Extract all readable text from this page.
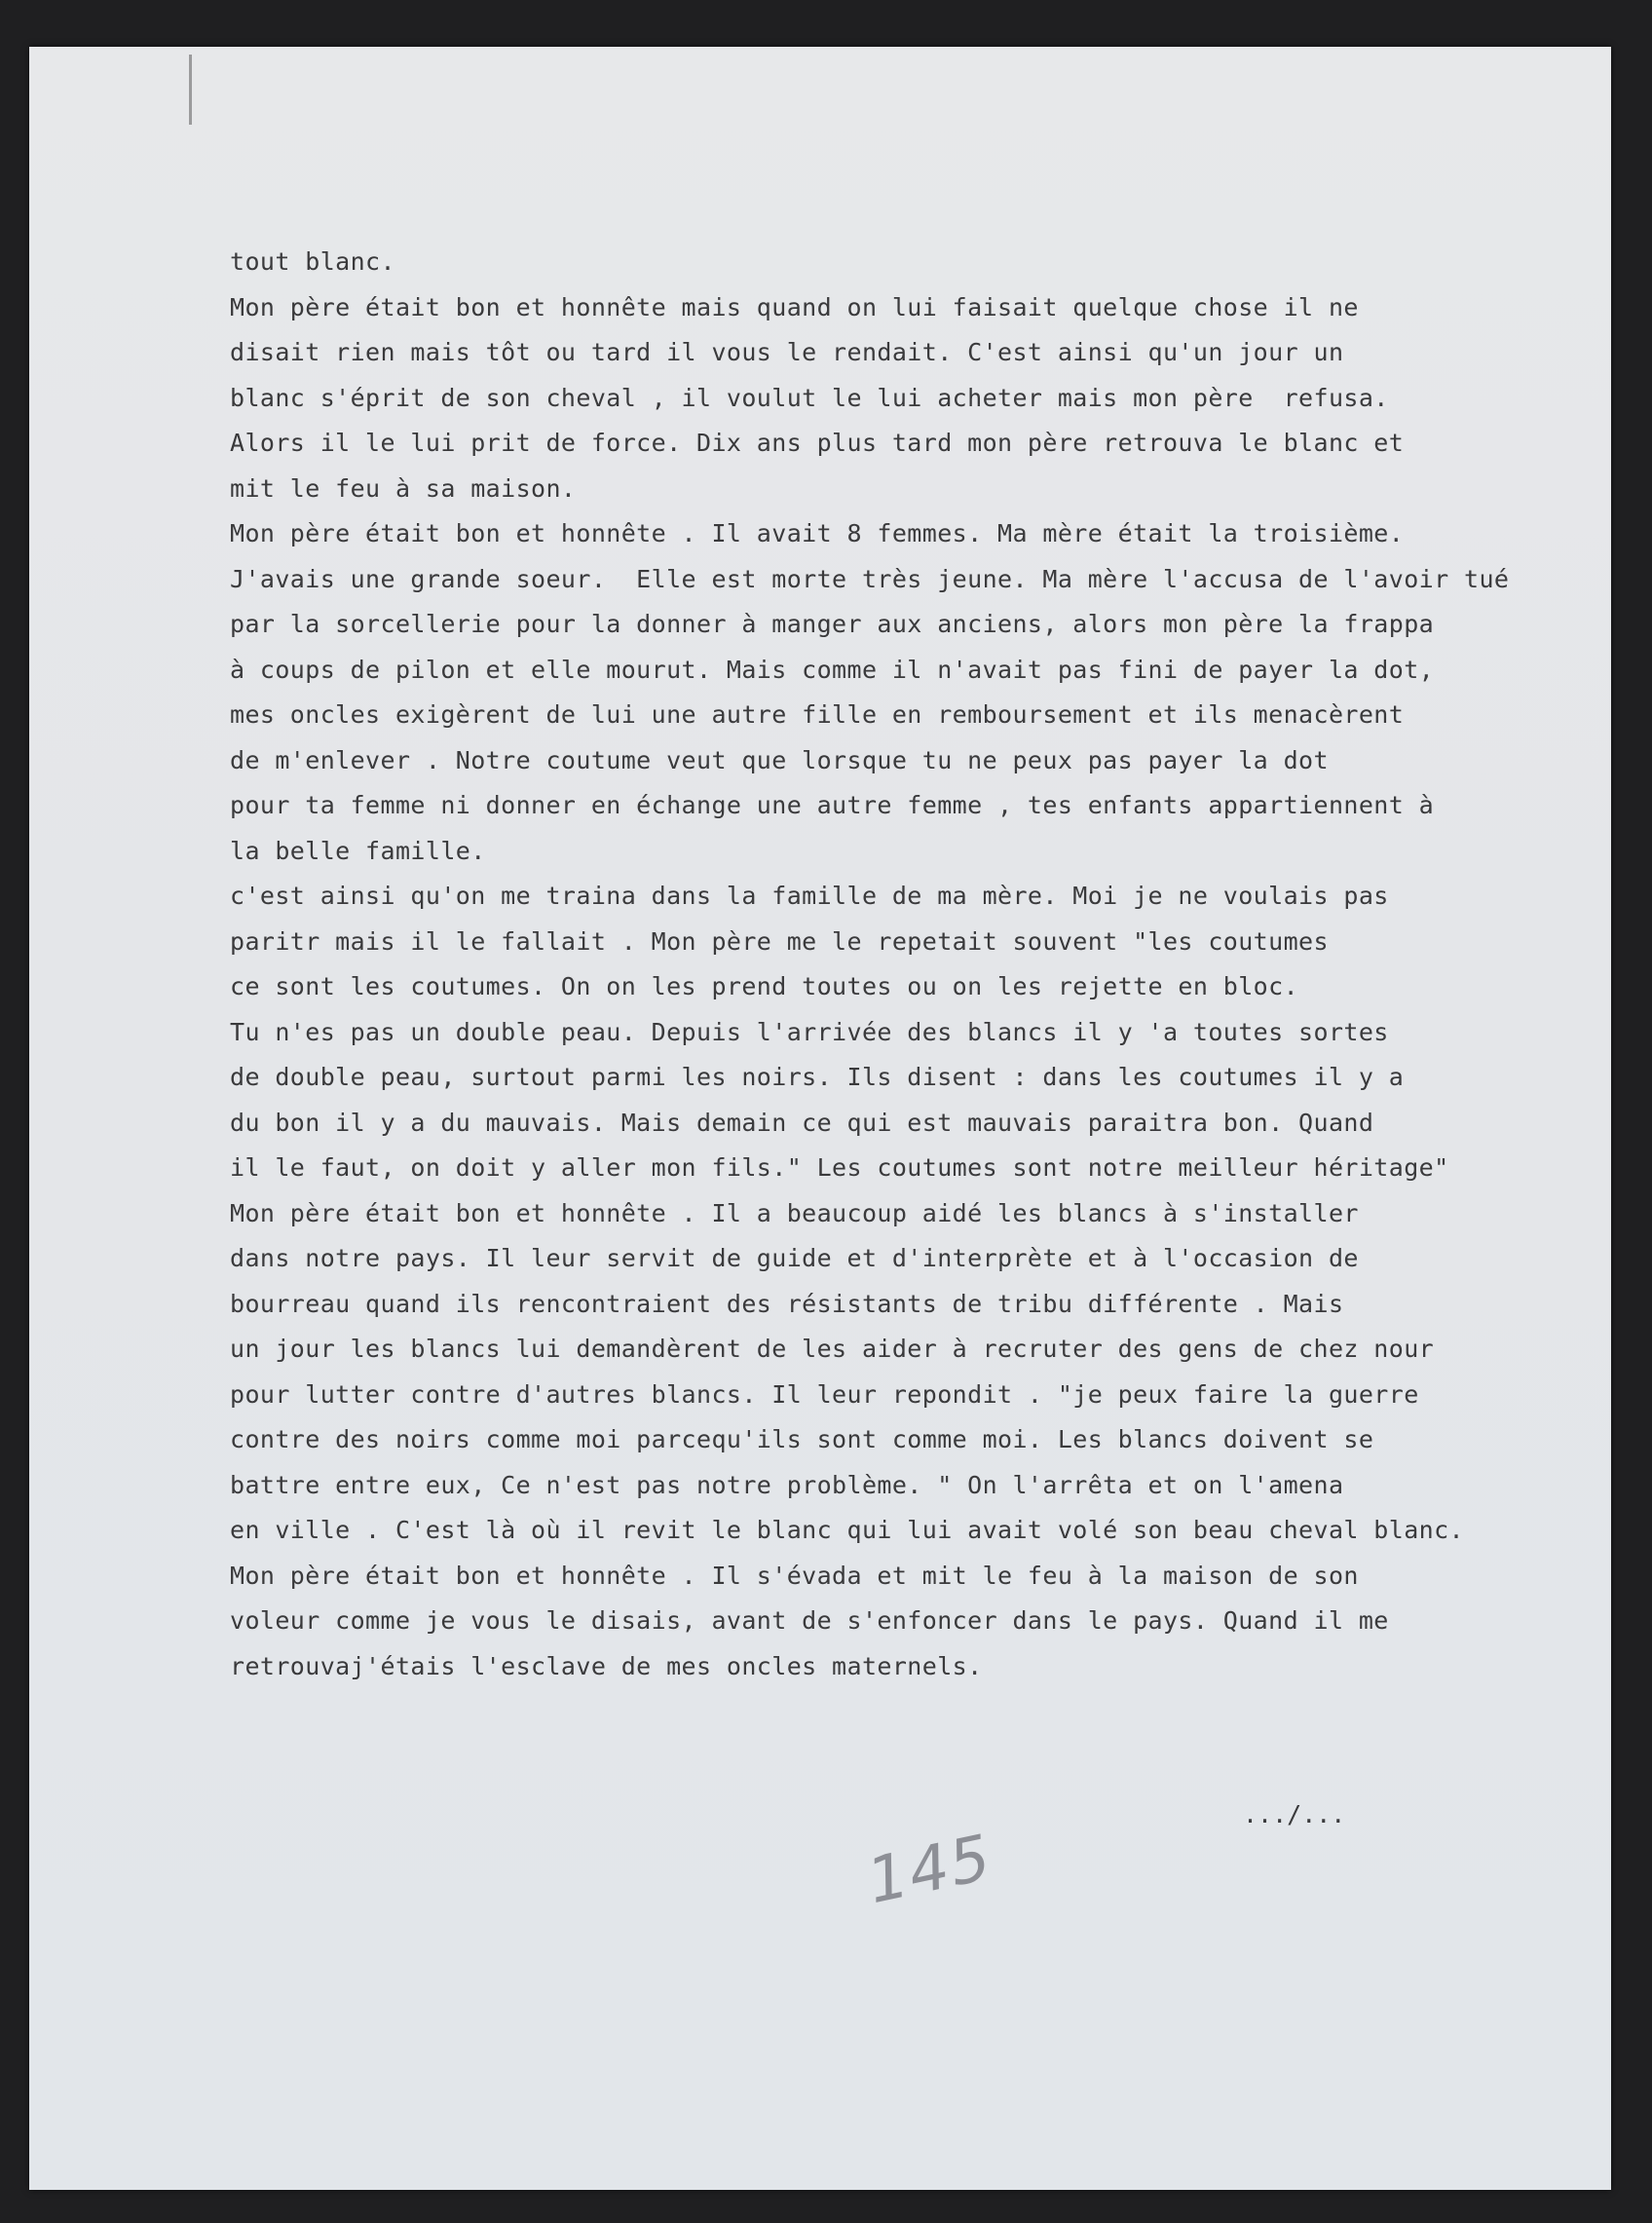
tout blanc.
Mon père était bon et honnête mais quand on lui faisait quelque chose il ne
disait rien mais tôt ou tard il vous le rendait. C'est ainsi qu'un jour un
blanc s'éprit de son cheval , il voulut le lui acheter mais mon père  refusa.
Alors il le lui prit de force. Dix ans plus tard mon père retrouva le blanc et
mit le feu à sa maison.
Mon père était bon et honnête . Il avait 8 femmes. Ma mère était la troisième.
J'avais une grande soeur.  Elle est morte très jeune. Ma mère l'accusa de l'avoir tué
par la sorcellerie pour la donner à manger aux anciens, alors mon père la frappa
à coups de pilon et elle mourut. Mais comme il n'avait pas fini de payer la dot,
mes oncles exigèrent de lui une autre fille en remboursement et ils menacèrent
de m'enlever . Notre coutume veut que lorsque tu ne peux pas payer la dot
pour ta femme ni donner en échange une autre femme , tes enfants appartiennent à
la belle famille.
c'est ainsi qu'on me traina dans la famille de ma mère. Moi je ne voulais pas
paritr mais il le fallait . Mon père me le repetait souvent "les coutumes
ce sont les coutumes. On on les prend toutes ou on les rejette en bloc.
Tu n'es pas un double peau. Depuis l'arrivée des blancs il y 'a toutes sortes
de double peau, surtout parmi les noirs. Ils disent : dans les coutumes il y a
du bon il y a du mauvais. Mais demain ce qui est mauvais paraitra bon. Quand
il le faut, on doit y aller mon fils." Les coutumes sont notre meilleur héritage"
Mon père était bon et honnête . Il a beaucoup aidé les blancs à s'installer
dans notre pays. Il leur servit de guide et d'interprète et à l'occasion de
bourreau quand ils rencontraient des résistants de tribu différente . Mais
un jour les blancs lui demandèrent de les aider à recruter des gens de chez nour
pour lutter contre d'autres blancs. Il leur repondit . "je peux faire la guerre
contre des noirs comme moi parcequ'ils sont comme moi. Les blancs doivent se
battre entre eux, Ce n'est pas notre problème. " On l'arrêta et on l'amena
en ville . C'est là où il revit le blanc qui lui avait volé son beau cheval blanc.
Mon père était bon et honnête . Il s'évada et mit le feu à la maison de son
voleur comme je vous le disais, avant de s'enfoncer dans le pays. Quand il me
retrouvaj'étais l'esclave de mes oncles maternels.
.../...
145
